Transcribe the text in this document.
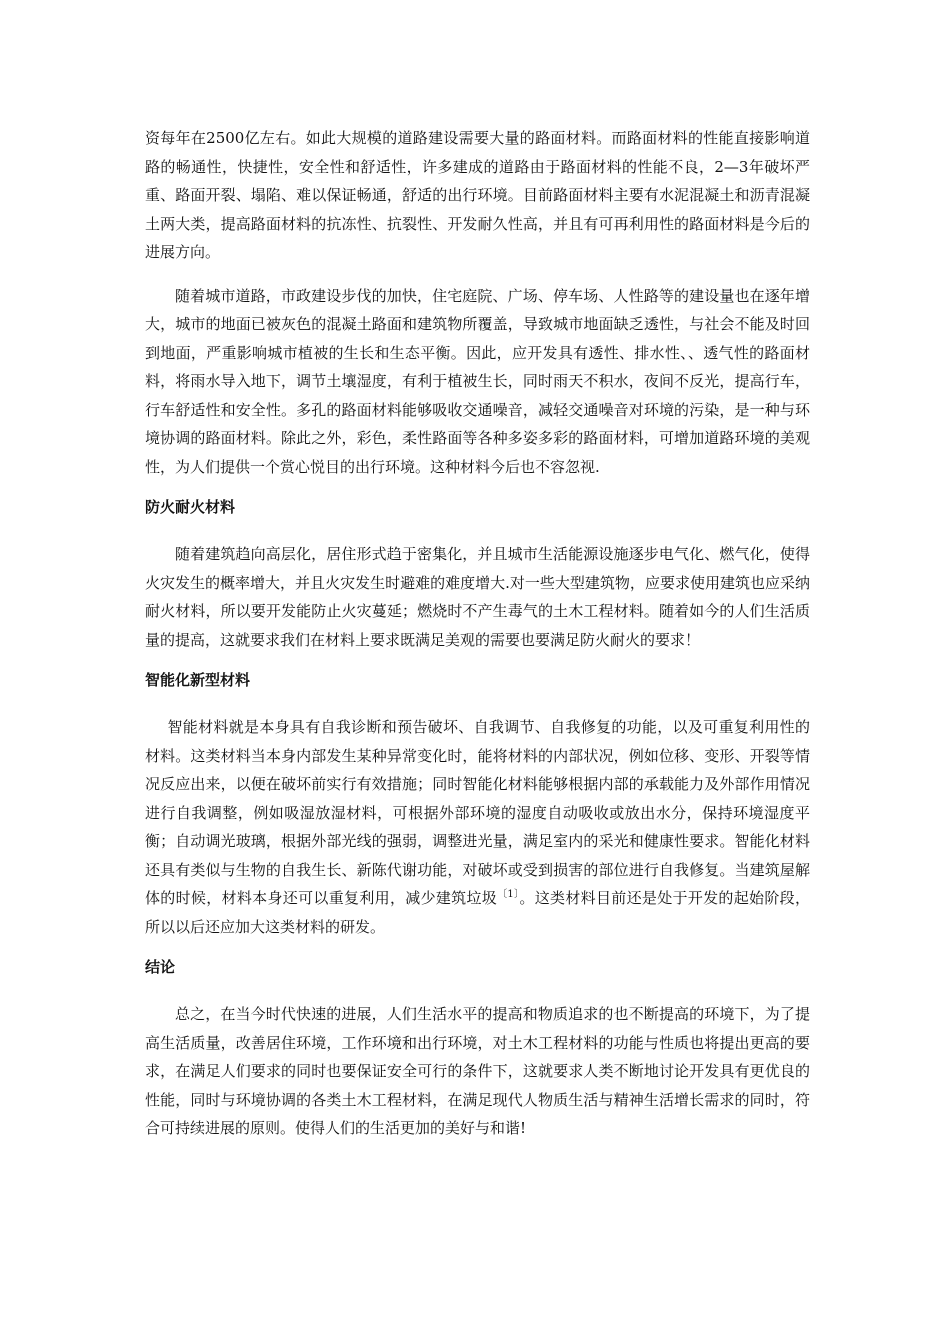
资每年在2500亿左右。如此大规模的道路建设需要大量的路面材料。而路面材料的性能直接影响道路的畅通性，快捷性，安全性和舒适性，许多建成的道路由于路面材料的性能不良，2—3年破坏严重、路面开裂、塌陷、难以保证畅通，舒适的出行环境。目前路面材料主要有水泥混凝土和沥青混凝土两大类，提高路面材料的抗冻性、抗裂性、开发耐久性高，并且有可再利用性的路面材料是今后的进展方向。

随着城市道路，市政建设步伐的加快，住宅庭院、广场、停车场、人性路等的建设量也在逐年增大，城市的地面已被灰色的混凝土路面和建筑物所覆盖，导致城市地面缺乏透性，与社会不能及时回到地面，严重影响城市植被的生长和生态平衡。因此，应开发具有透性、排水性、、透气性的路面材料，将雨水导入地下，调节土壤湿度，有利于植被生长，同时雨天不积水，夜间不反光，提高行车，行车舒适性和安全性。多孔的路面材料能够吸收交通噪音，减轻交通噪音对环境的污染，是一种与环境协调的路面材料。除此之外，彩色，柔性路面等各种多姿多彩的路面材料，可增加道路环境的美观性，为人们提供一个赏心悦目的出行环境。这种材料今后也不容忽视.

防火耐火材料

随着建筑趋向高层化，居住形式趋于密集化，并且城市生活能源设施逐步电气化、燃气化，使得火灾发生的概率增大，并且火灾发生时避难的难度增大.对一些大型建筑物，应要求使用建筑也应采纳耐火材料，所以要开发能防止火灾蔓延；燃烧时不产生毒气的土木工程材料。随着如今的人们生活质量的提高，这就要求我们在材料上要求既满足美观的需要也要满足防火耐火的要求！

智能化新型材料

智能材料就是本身具有自我诊断和预告破坏、自我调节、自我修复的功能，以及可重复利用性的材料。这类材料当本身内部发生某种异常变化时，能将材料的内部状况，例如位移、变形、开裂等情况反应出来，以便在破坏前实行有效措施；同时智能化材料能够根据内部的承载能力及外部作用情况进行自我调整，例如吸湿放湿材料，可根据外部环境的湿度自动吸收或放出水分，保持环境湿度平衡；自动调光玻璃，根据外部光线的强弱，调整进光量，满足室内的采光和健康性要求。智能化材料还具有类似与生物的自我生长、新陈代谢功能，对破坏或受到损害的部位进行自我修复。当建筑屋解体的时候，材料本身还可以重复利用，减少建筑垃圾$^{〔1〕}$。这类材料目前还是处于开发的起始阶段，所以以后还应加大这类材料的研发。

结论

总之，在当今时代快速的进展，人们生活水平的提高和物质追求的也不断提高的环境下，为了提高生活质量，改善居住环境，工作环境和出行环境，对土木工程材料的功能与性质也将提出更高的要求，在满足人们要求的同时也要保证安全可行的条件下，这就要求人类不断地讨论开发具有更优良的性能，同时与环境协调的各类土木工程材料，在满足现代人物质生活与精神生活增长需求的同时，符合可持续进展的原则。使得人们的生活更加的美好与和谐!
